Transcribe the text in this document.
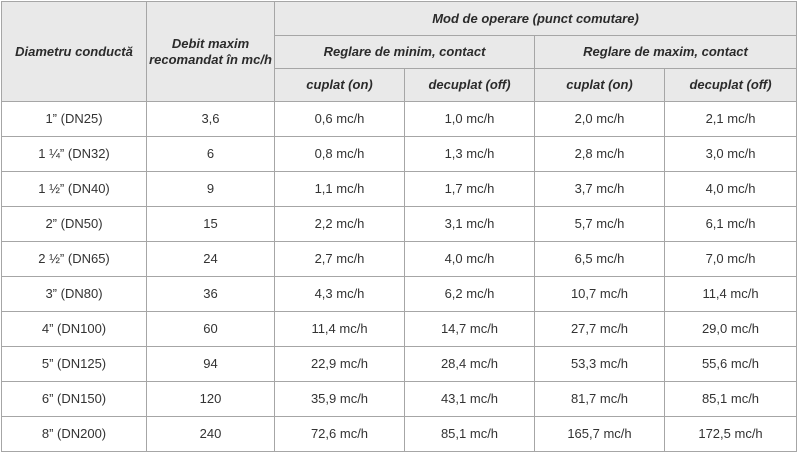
Diametru conductă	Debit maxim recomandat în mc/h	Mod de operare (punct comutare)			
		Reglare de minim, contact		Reglare de maxim, contact	
		cuplat (on)	decuplat (off)	cuplat (on)	decuplat (off)
1” (DN25)	3,6	0,6 mc/h	1,0 mc/h	2,0 mc/h	2,1 mc/h
1 ¼” (DN32)	6	0,8 mc/h	1,3 mc/h	2,8 mc/h	3,0 mc/h
1 ½” (DN40)	9	1,1 mc/h	1,7 mc/h	3,7 mc/h	4,0 mc/h
2” (DN50)	15	2,2 mc/h	3,1 mc/h	5,7 mc/h	6,1 mc/h
2 ½” (DN65)	24	2,7 mc/h	4,0 mc/h	6,5 mc/h	7,0 mc/h
3” (DN80)	36	4,3 mc/h	6,2 mc/h	10,7 mc/h	11,4 mc/h
4” (DN100)	60	11,4 mc/h	14,7 mc/h	27,7 mc/h	29,0 mc/h
5” (DN125)	94	22,9 mc/h	28,4 mc/h	53,3 mc/h	55,6 mc/h
6” (DN150)	120	35,9 mc/h	43,1 mc/h	81,7 mc/h	85,1 mc/h
8” (DN200)	240	72,6 mc/h	85,1 mc/h	165,7 mc/h	172,5 mc/h
